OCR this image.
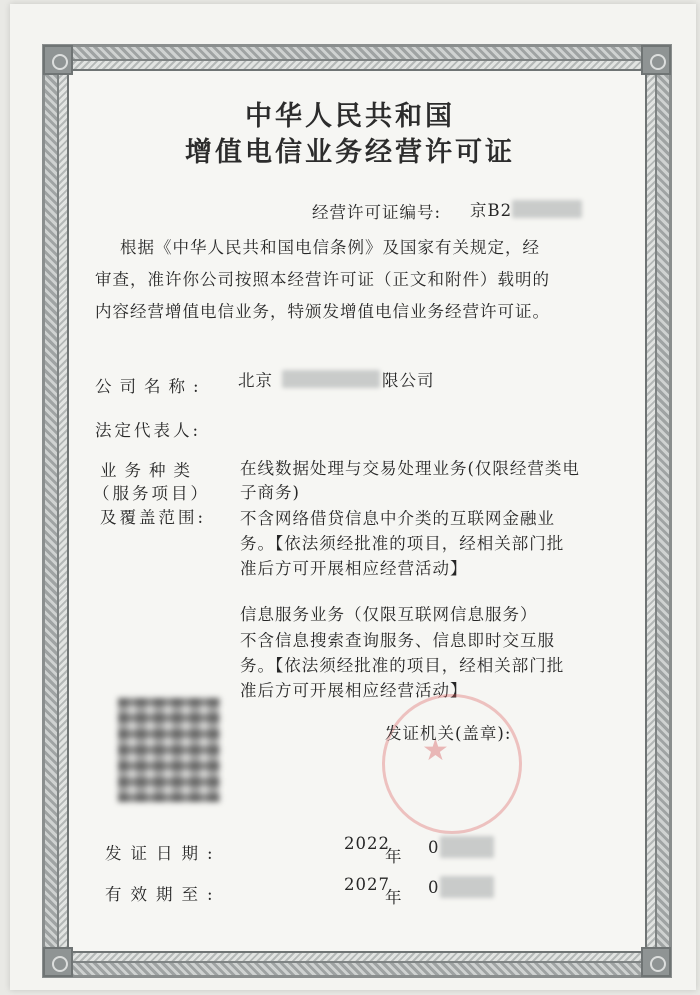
中华人民共和国
增值电信业务经营许可证
经营许可证编号: 京B2
根据《中华人民共和国电信条例》及国家有关规定，经
审查，准许你公司按照本经营许可证（正文和附件）载明的
内容经营增值电信业务，特颁发增值电信业务经营许可证。
公司名称: 北京	限公司
法定代表人:
业务种类
（服务项目）
及覆盖范围:
在线数据处理与交易处理业务(仅限经营类电
子商务)
不含网络借贷信息中介类的互联网金融业
务。【依法须经批准的项目，经相关部门批
准后方可开展相应经营活动】
信息服务业务（仅限互联网信息服务）
不含信息搜索查询服务、信息即时交互服
务。【依法须经批准的项目，经相关部门批
准后方可开展相应经营活动】
★
发证机关(盖章):
发证日期:
2022
年 0
有效期至:
2027
年
0
